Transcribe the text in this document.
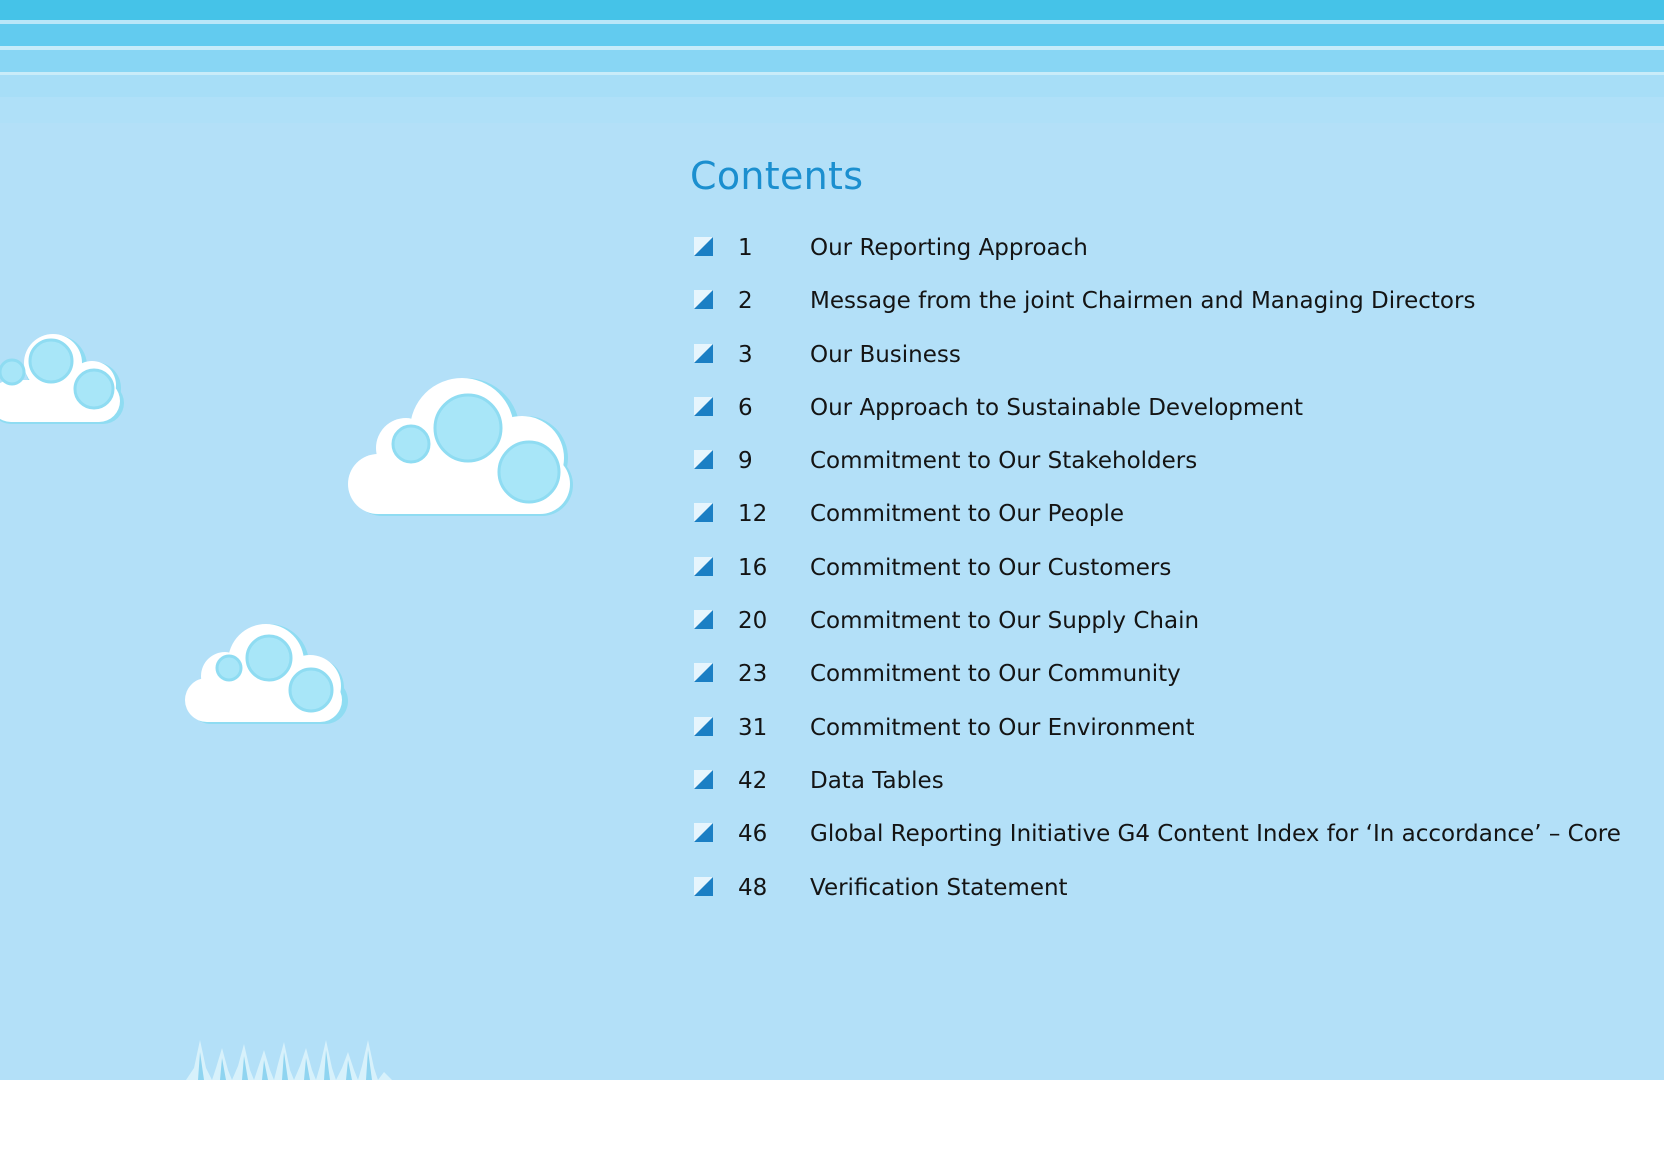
Contents
1 Our Reporting Approach
2 Message from the joint Chairmen and Managing Directors
3 Our Business
6 Our Approach to Sustainable Development
9 Commitment to Our Stakeholders
12 Commitment to Our People
16 Commitment to Our Customers
20 Commitment to Our Supply Chain
23 Commitment to Our Community
31 Commitment to Our Environment
42 Data Tables
46 Global Reporting Initiative G4 Content Index for ‘In accordance’ – Core
48 Verification Statement
